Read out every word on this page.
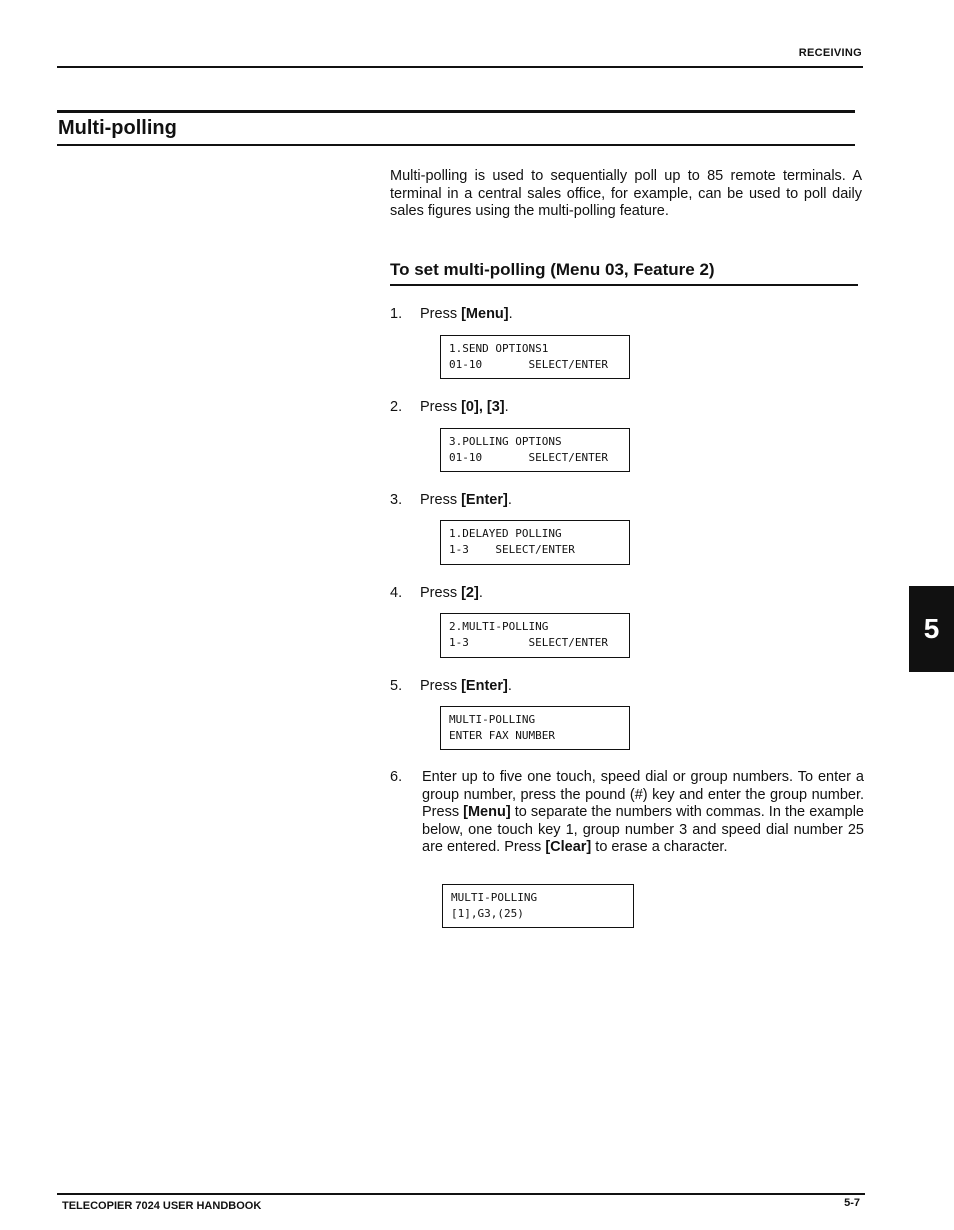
RECEIVING
Multi-polling
Multi-polling is used to sequentially poll up to 85 remote terminals. A terminal in a central sales office, for example, can be used to poll daily sales figures using the multi-polling feature.
To set multi-polling (Menu 03, Feature 2)
1. Press [Menu].
1.SEND OPTIONS1
01-10       SELECT/ENTER
2. Press [0], [3].
3.POLLING OPTIONS
01-10       SELECT/ENTER
3. Press [Enter].
1.DELAYED POLLING
1-3    SELECT/ENTER
4. Press [2].
2.MULTI-POLLING
1-3         SELECT/ENTER
5. Press [Enter].
MULTI-POLLING
ENTER FAX NUMBER
6.	Enter up to five one touch, speed dial or group numbers. To enter a group number, press the pound (#) key and enter the group number. Press [Menu] to separate the numbers with commas. In the example below, one touch key 1, group number 3 and speed dial number 25 are entered. Press [Clear] to erase a character.
MULTI-POLLING
[1],G3,(25)
5
TELECOPIER 7024 USER HANDBOOK	5-7
